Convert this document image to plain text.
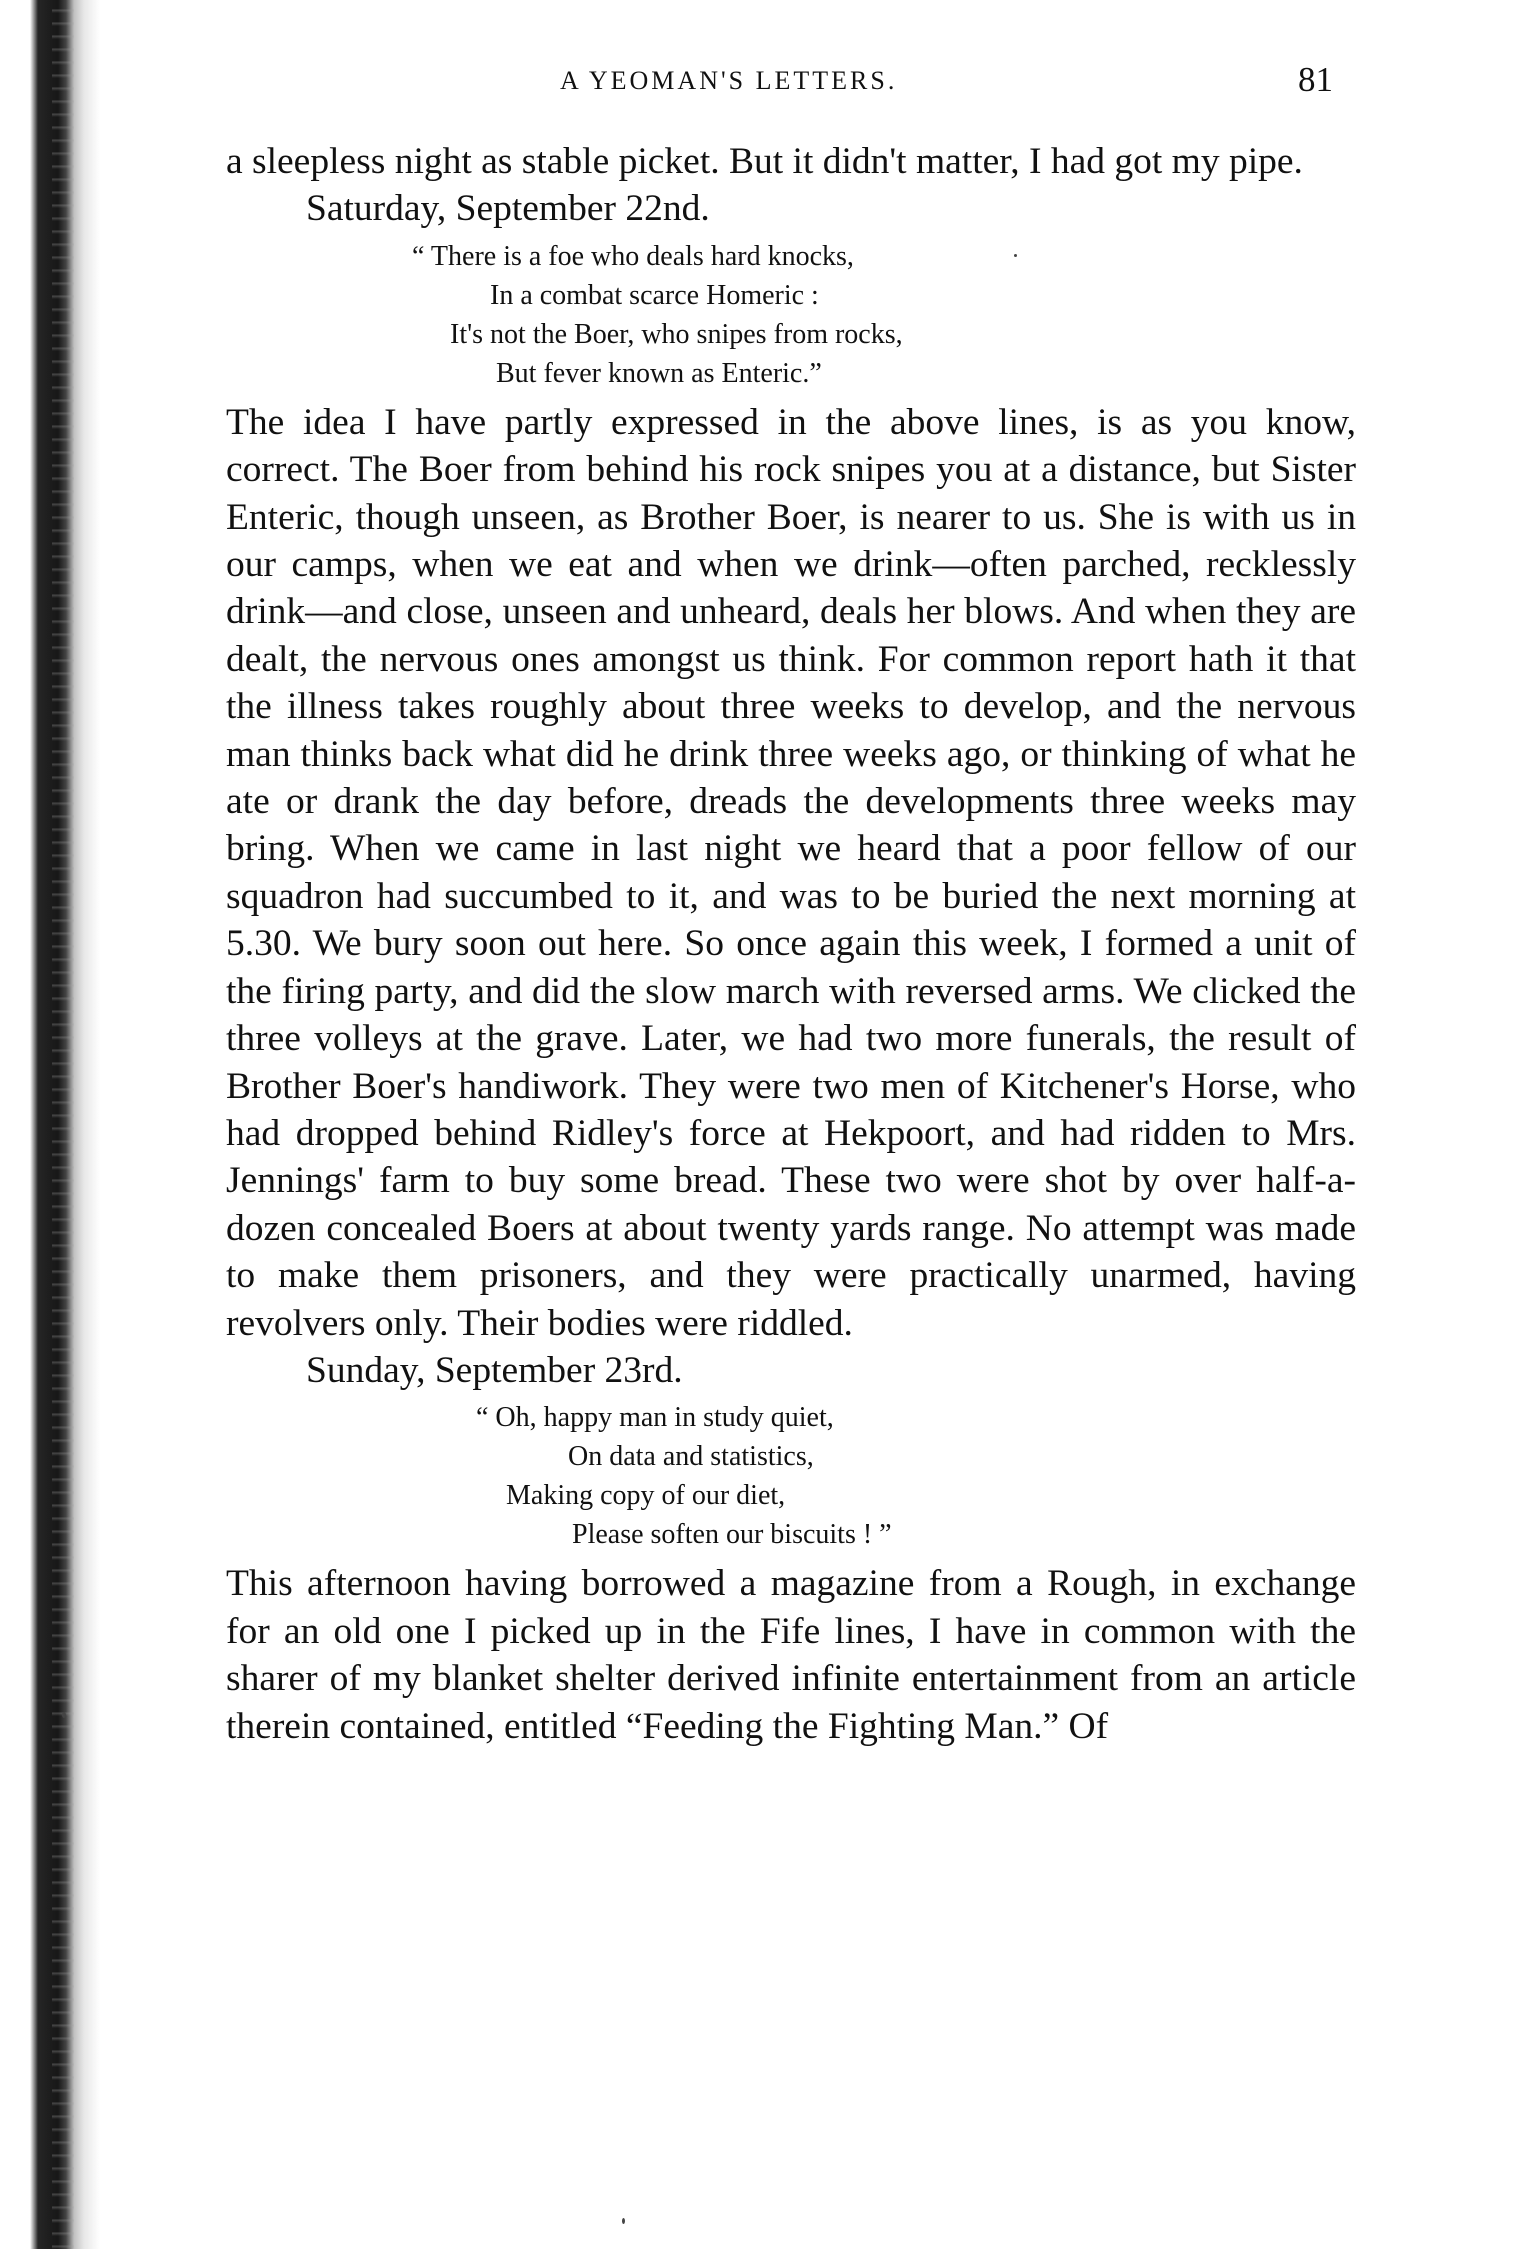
A YEOMAN'S LETTERS.	81

a sleepless night as stable picket. But it didn't matter, I had got my pipe.

Saturday, September 22nd.

“ There is a foe who deals hard knocks,
In a combat scarce Homeric :
It's not the Boer, who snipes from rocks,
But fever known as Enteric.”

The idea I have partly expressed in the above lines, is as you know, correct. The Boer from behind his rock snipes you at a distance, but Sister Enteric, though unseen, as Brother Boer, is nearer to us. She is with us in our camps, when we eat and when we drink—often parched, recklessly drink—and close, unseen and unheard, deals her blows. And when they are dealt, the nervous ones amongst us think. For common report hath it that the illness takes roughly about three weeks to develop, and the nervous man thinks back what did he drink three weeks ago, or thinking of what he ate or drank the day before, dreads the developments three weeks may bring. When we came in last night we heard that a poor fellow of our squadron had succumbed to it, and was to be buried the next morning at 5.30. We bury soon out here. So once again this week, I formed a unit of the firing party, and did the slow march with reversed arms. We clicked the three volleys at the grave. Later, we had two more funerals, the result of Brother Boer's handiwork. They were two men of Kitchener's Horse, who had dropped behind Ridley's force at Hekpoort, and had ridden to Mrs. Jennings' farm to buy some bread. These two were shot by over half-a-dozen concealed Boers at about twenty yards range. No attempt was made to make them prisoners, and they were practically unarmed, having revolvers only. Their bodies were riddled.

Sunday, September 23rd.

“ Oh, happy man in study quiet,
On data and statistics,
Making copy of our diet,
Please soften our biscuits ! ”

This afternoon having borrowed a magazine from a Rough, in exchange for an old one I picked up in the Fife lines, I have in common with the sharer of my blanket shelter derived infinite entertainment from an article therein contained, entitled “Feeding the Fighting Man.” Of
